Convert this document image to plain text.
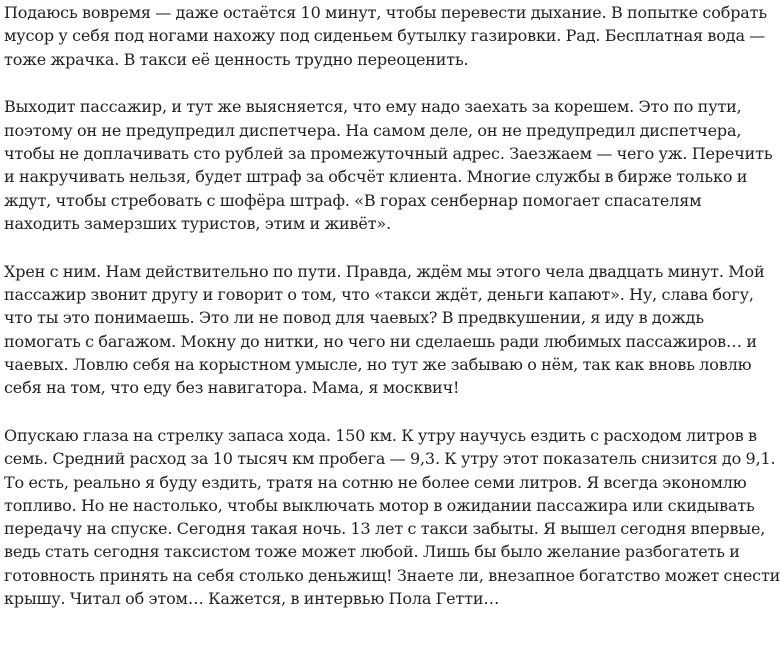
Подаюсь вовремя — даже остаётся 10 минут, чтобы перевести дыхание. В попытке собрать
мусор у себя под ногами нахожу под сиденьем бутылку газировки. Рад. Бесплатная вода —
тоже жрачка. В такси её ценность трудно переоценить.

Выходит пассажир, и тут же выясняется, что ему надо заехать за корешем. Это по пути,
поэтому он не предупредил диспетчера. На самом деле, он не предупредил диспетчера,
чтобы не доплачивать сто рублей за промежуточный адрес. Заезжаем — чего уж. Перечить
и накручивать нельзя, будет штраф за обсчёт клиента. Многие службы в бирже только и
ждут, чтобы стребовать с шофёра штраф. «В горах сенбернар помогает спасателям
находить замерзших туристов, этим и живёт».

Хрен с ним. Нам действительно по пути. Правда, ждём мы этого чела двадцать минут. Мой
пассажир звонит другу и говорит о том, что «такси ждёт, деньги капают». Ну, слава богу,
что ты это понимаешь. Это ли не повод для чаевых? В предвкушении, я иду в дождь
помогать с багажом. Мокну до нитки, но чего ни сделаешь ради любимых пассажиров… и
чаевых. Ловлю себя на корыстном умысле, но тут же забываю о нём, так как вновь ловлю
себя на том, что еду без навигатора. Мама, я москвич!

Опускаю глаза на стрелку запаса хода. 150 км. К утру научусь ездить с расходом литров в
семь. Средний расход за 10 тысяч км пробега — 9,3. К утру этот показатель снизится до 9,1.
То есть, реально я буду ездить, тратя на сотню не более семи литров. Я всегда экономлю
топливо. Но не настолько, чтобы выключать мотор в ожидании пассажира или скидывать
передачу на спуске. Сегодня такая ночь. 13 лет с такси забыты. Я вышел сегодня впервые,
ведь стать сегодня таксистом тоже может любой. Лишь бы было желание разбогатеть и
готовность принять на себя столько деньжищ! Знаете ли, внезапное богатство может снести
крышу. Читал об этом… Кажется, в интервью Пола Гетти…
